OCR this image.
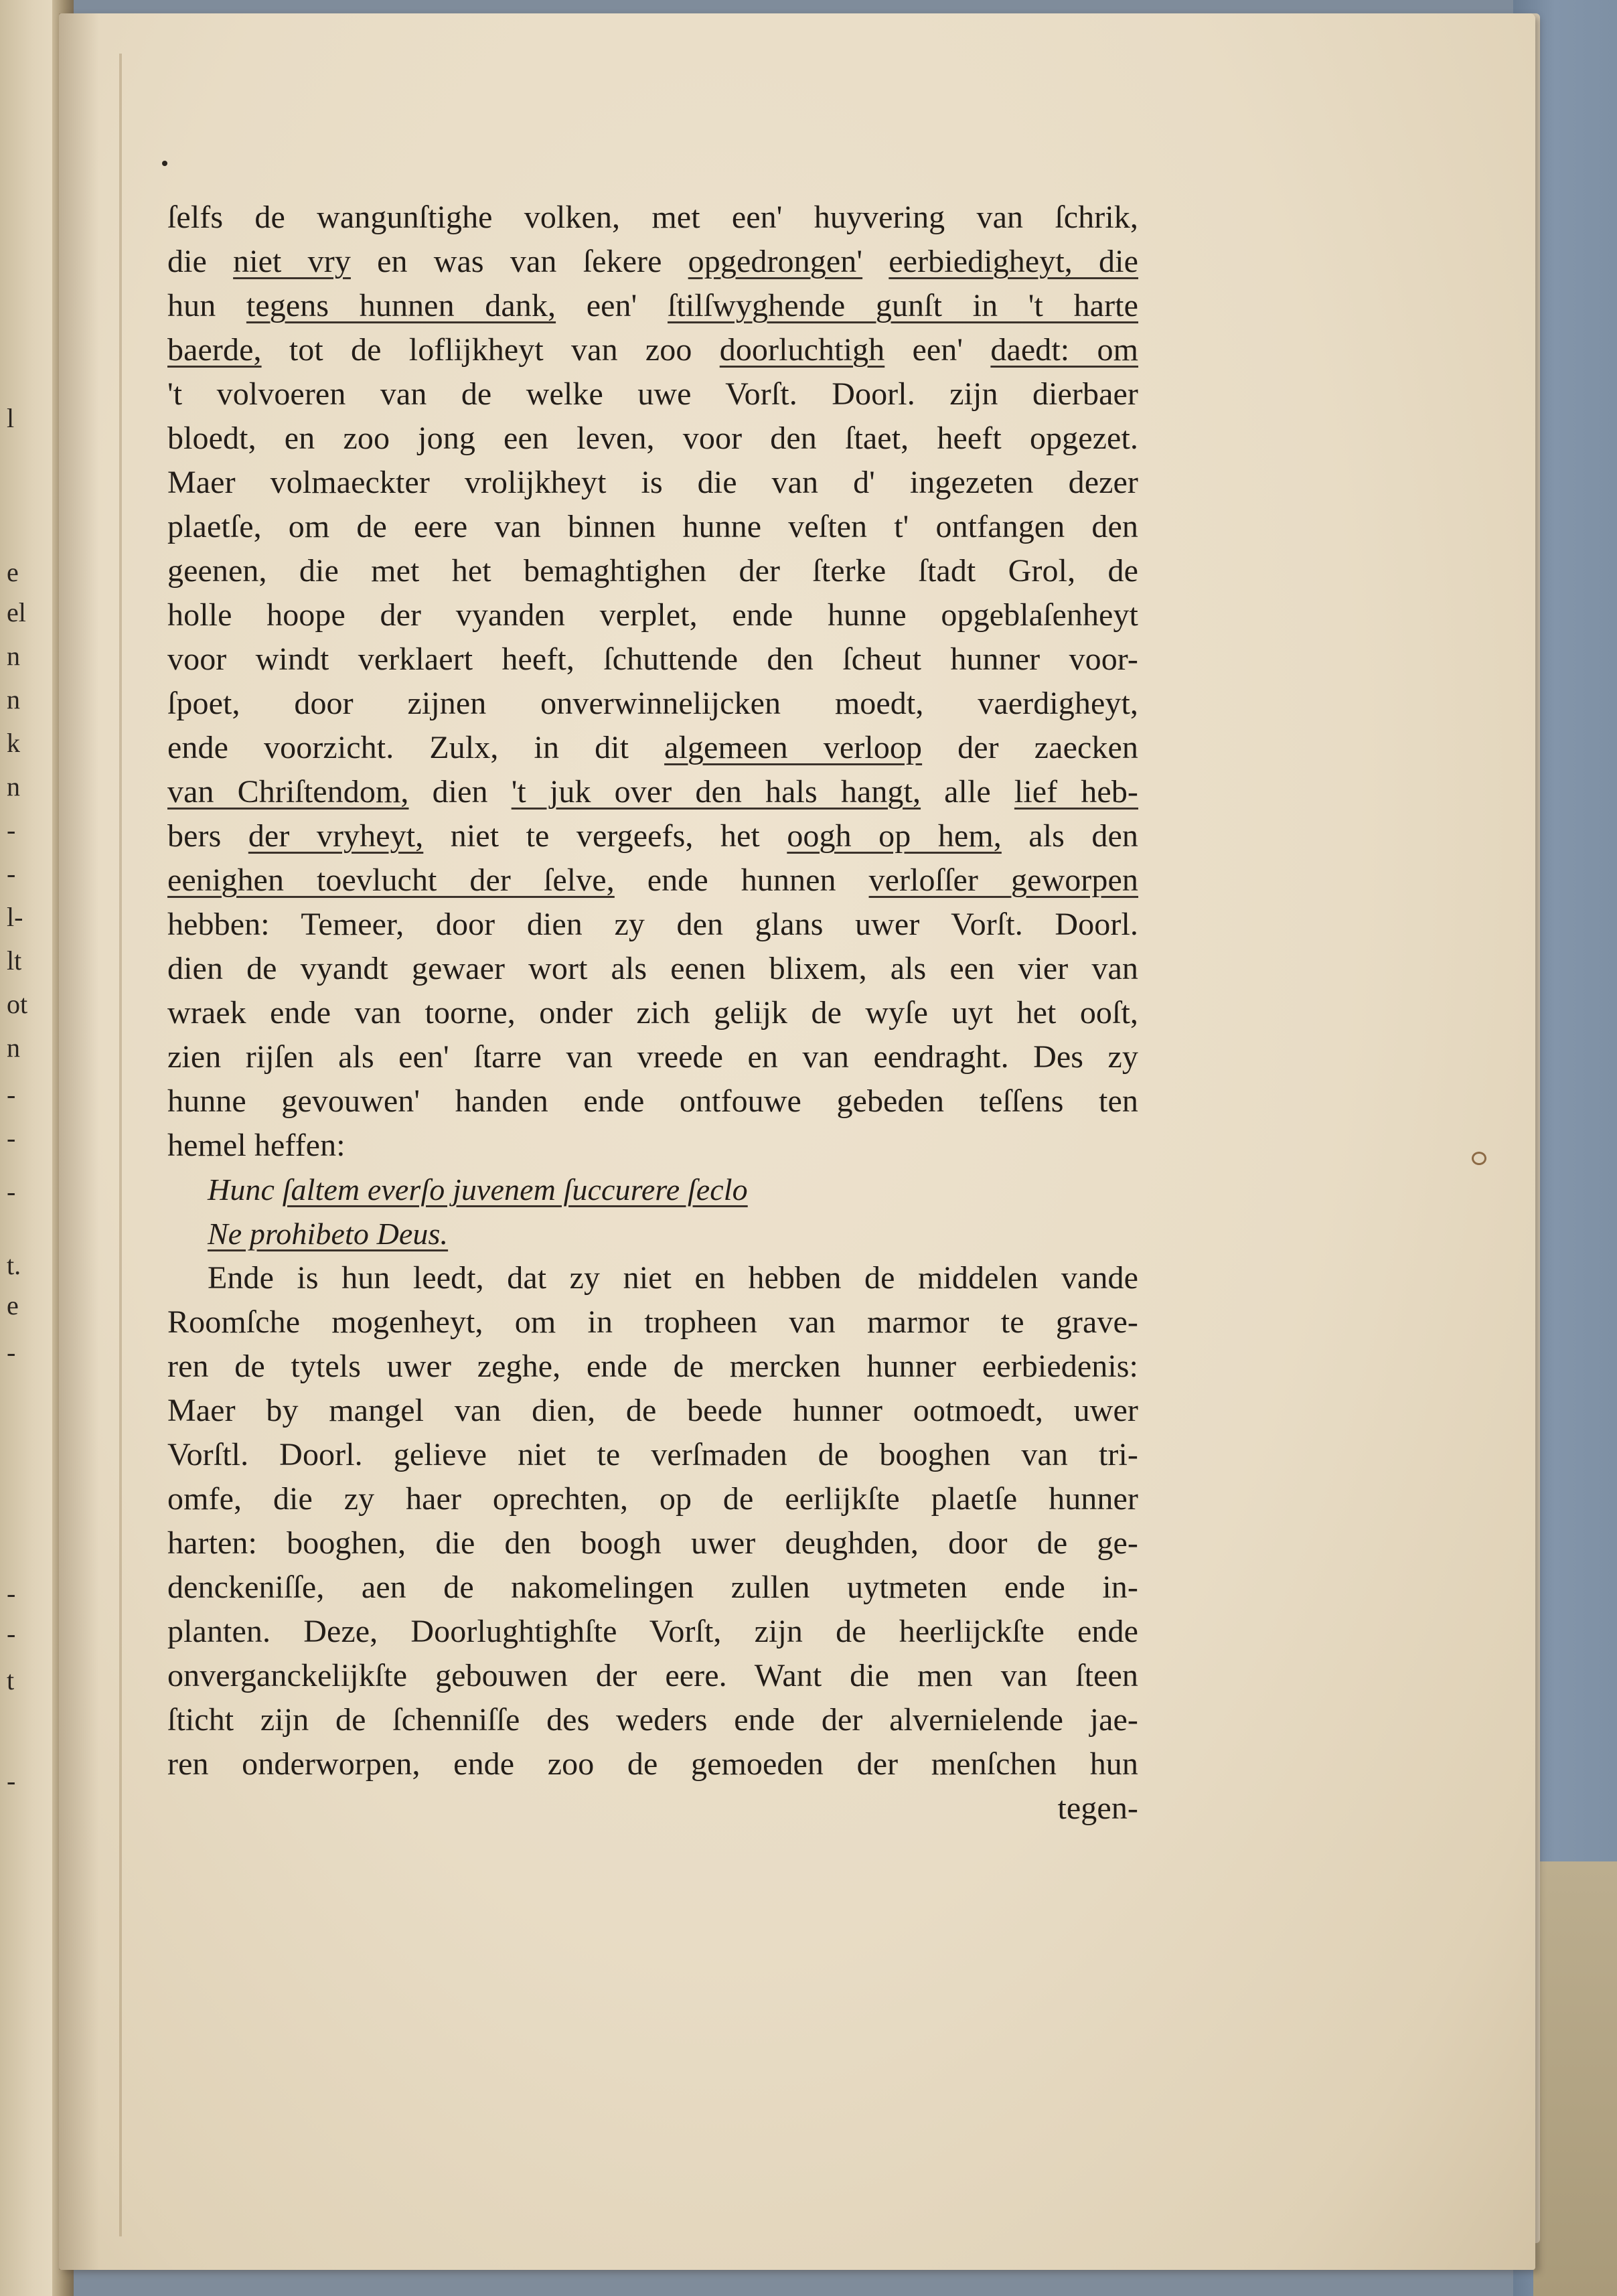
l
e
el
n
n
k
n
-
-
l-
lt
ot
n
-
-
-
t.
e
-
-
-
t
-
ſelfs de wangunſtighe volken, met een' huyvering van ſchrik,
die niet vry en was van ſekere opgedrongen' eerbiedigheyt, die
hun tegens hunnen dank, een' ſtilſwyghende gunſt in 't harte
baerde, tot de loflijkheyt van zoo doorluchtigh een' daedt: om
't volvoeren van de welke uwe Vorſt. Doorl. zijn dierbaer
bloedt, en zoo jong een leven, voor den ſtaet, heeft opgezet.
Maer volmaeckter vrolijkheyt is die van d' ingezeten dezer
plaetſe, om de eere van binnen hunne veſten t' ontfangen den
geenen, die met het bemaghtighen der ſterke ſtadt Grol, de
holle hoope der vyanden verplet, ende hunne opgeblaſenheyt
voor windt verklaert heeft, ſchuttende den ſcheut hunner voor-
ſpoet, door zijnen onverwinnelijcken moedt, vaerdigheyt,
ende voorzicht. Zulx, in dit algemeen verloop der zaecken
van Chriſtendom, dien 't juk over den hals hangt, alle lief heb-
bers der vryheyt, niet te vergeefs, het oogh op hem, als den
eenighen toevlucht der ſelve, ende hunnen verloſſer geworpen
hebben: Temeer, door dien zy den glans uwer Vorſt. Doorl.
dien de vyandt gewaer wort als eenen blixem, als een vier van
wraek ende van toorne, onder zich gelijk de wyſe uyt het ooſt,
zien rijſen als een' ſtarre van vreede en van eendraght. Des zy
hunne gevouwen' handen ende ontfouwe gebeden teſſens ten
hemel heffen:
Hunc ſaltem everſo juvenem ſuccurere ſeclo
Ne prohibeto Deus.
Ende is hun leedt, dat zy niet en hebben de middelen vande
Roomſche mogenheyt, om in tropheen van marmor te grave-
ren de tytels uwer zeghe, ende de mercken hunner eerbiedenis:
Maer by mangel van dien, de beede hunner ootmoedt, uwer
Vorſtl. Doorl. gelieve niet te verſmaden de booghen van tri-
omfe, die zy haer oprechten, op de eerlijkſte plaetſe hunner
harten: booghen, die den boogh uwer deughden, door de ge-
denckeniſſe, aen de nakomelingen zullen uytmeten ende in-
planten. Deze, Doorlughtighſte Vorſt, zijn de heerlijckſte ende
onverganckelijkſte gebouwen der eere. Want die men van ſteen
ſticht zijn de ſchenniſſe des weders ende der alvernielende jae-
ren onderworpen, ende zoo de gemoeden der menſchen hun
tegen-
